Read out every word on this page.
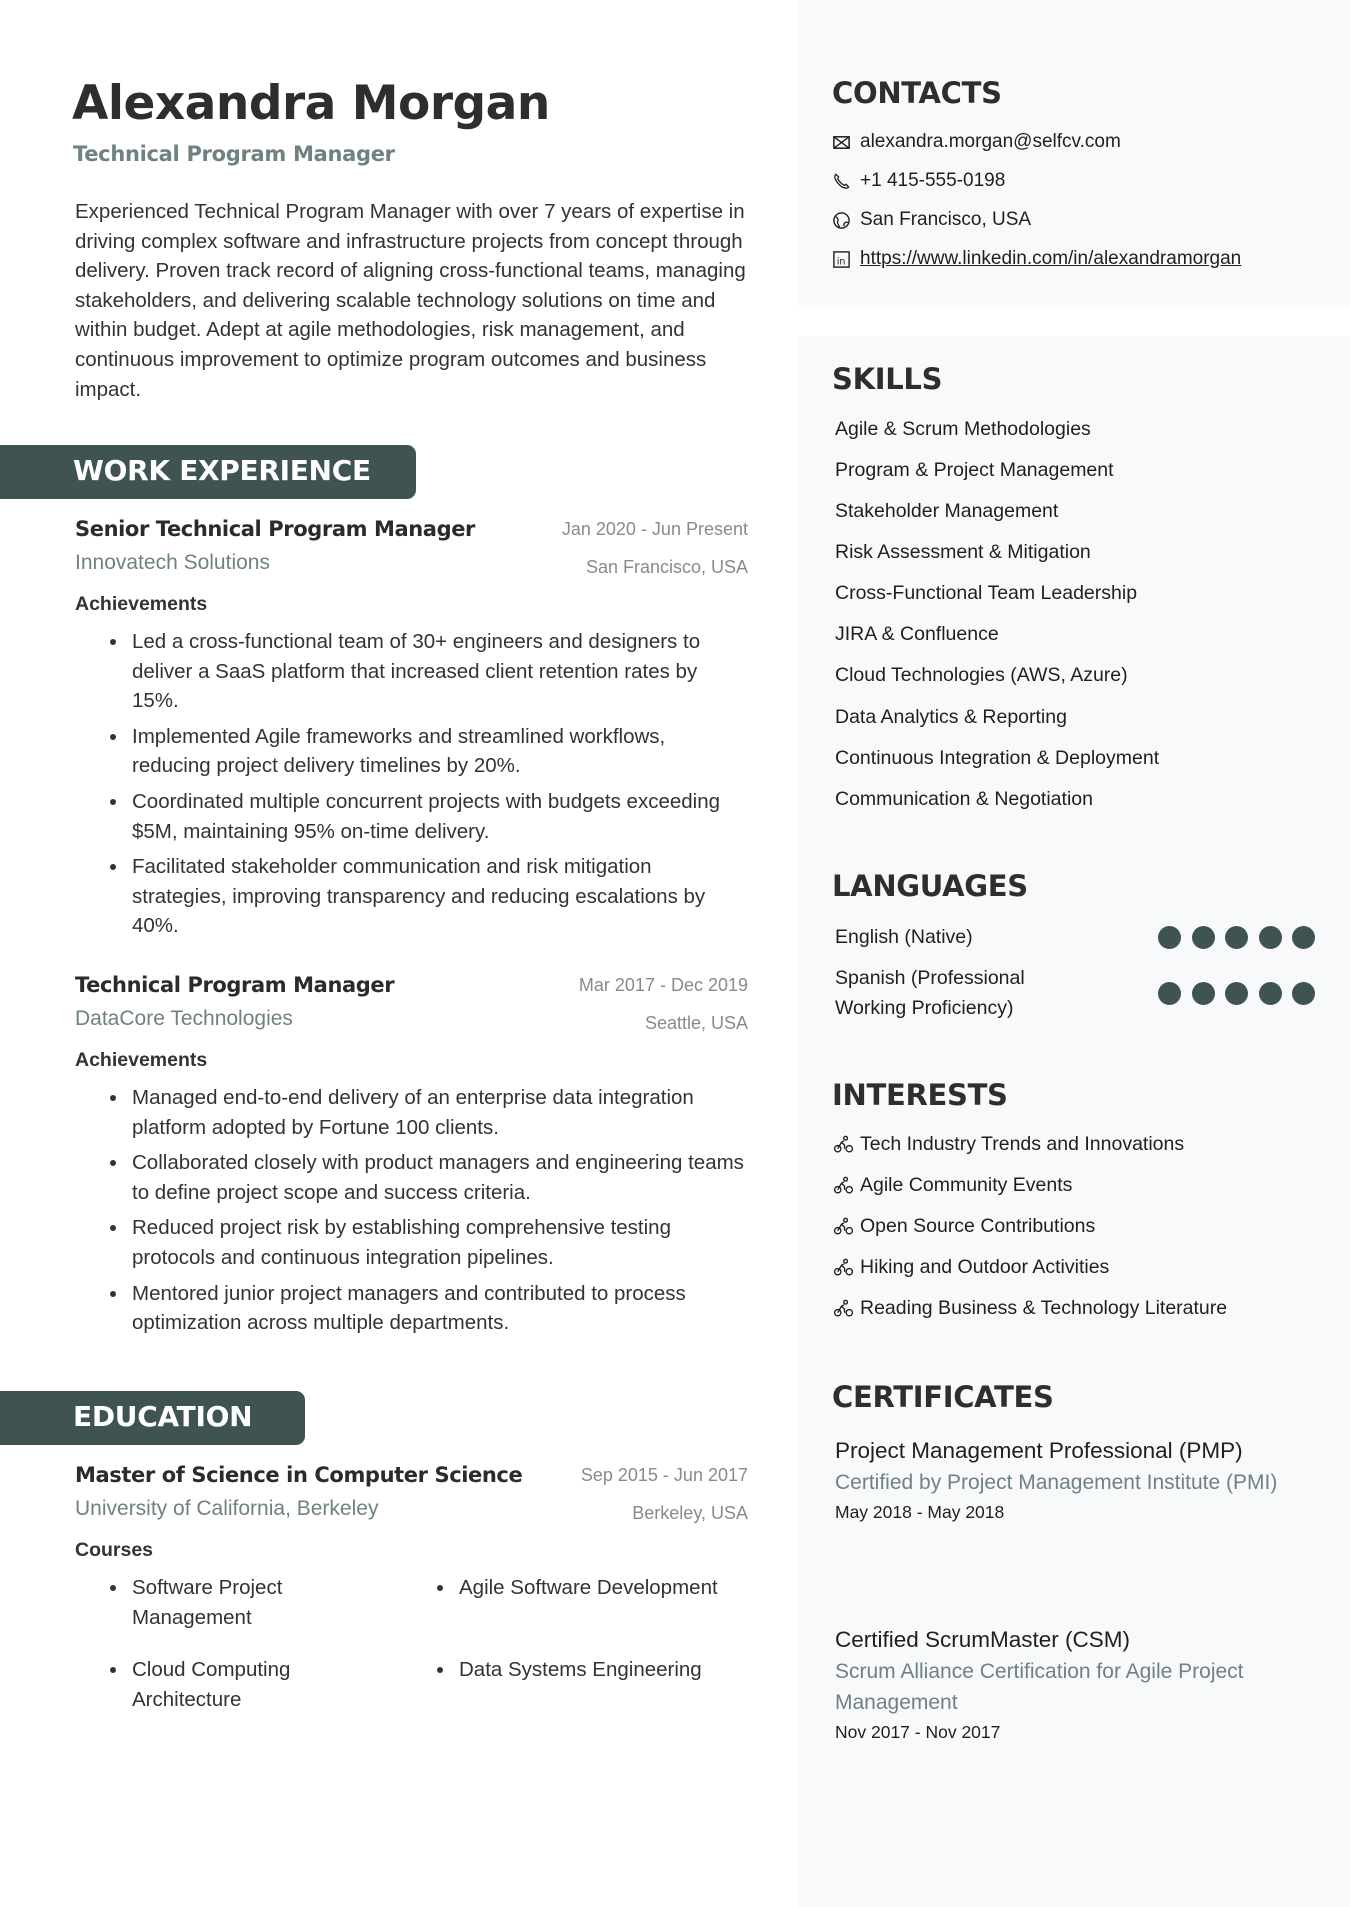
Alexandra Morgan
Technical Program Manager

Experienced Technical Program Manager with over 7 years of expertise in driving complex software and infrastructure projects from concept through delivery. Proven track record of aligning cross-functional teams, managing stakeholders, and delivering scalable technology solutions on time and within budget. Adept at agile methodologies, risk management, and continuous improvement to optimize program outcomes and business impact.

WORK EXPERIENCE
Senior Technical Program Manager	Jan 2020 - Jun Present
Innovatech Solutions	San Francisco, USA
Achievements
Led a cross-functional team of 30+ engineers and designers to deliver a SaaS platform that increased client retention rates by 15%.
Implemented Agile frameworks and streamlined workflows, reducing project delivery timelines by 20%.
Coordinated multiple concurrent projects with budgets exceeding $5M, maintaining 95% on-time delivery.
Facilitated stakeholder communication and risk mitigation strategies, improving transparency and reducing escalations by 40%.
Technical Program Manager	Mar 2017 - Dec 2019
DataCore Technologies	Seattle, USA
Achievements
Managed end-to-end delivery of an enterprise data integration platform adopted by Fortune 100 clients.
Collaborated closely with product managers and engineering teams to define project scope and success criteria.
Reduced project risk by establishing comprehensive testing protocols and continuous integration pipelines.
Mentored junior project managers and contributed to process optimization across multiple departments.
EDUCATION
Master of Science in Computer Science	Sep 2015 - Jun 2017
University of California, Berkeley	Berkeley, USA
Courses
Software Project Management
Agile Software Development
Cloud Computing Architecture
Data Systems Engineering
CONTACTS
alexandra.morgan@selfcv.com
+1 415-555-0198
San Francisco, USA
in https://www.linkedin.com/in/alexandramorgan
SKILLS
Agile & Scrum Methodologies
Program & Project Management
Stakeholder Management
Risk Assessment & Mitigation
Cross-Functional Team Leadership
JIRA & Confluence
Cloud Technologies (AWS, Azure)
Data Analytics & Reporting
Continuous Integration & Deployment
Communication & Negotiation
LANGUAGES
English (Native)
Spanish (Professional Working Proficiency)
INTERESTS
Tech Industry Trends and Innovations
Agile Community Events
Open Source Contributions
Hiking and Outdoor Activities
Reading Business & Technology Literature
CERTIFICATES
Project Management Professional (PMP)
Certified by Project Management Institute (PMI)
May 2018 - May 2018
Certified ScrumMaster (CSM)
Scrum Alliance Certification for Agile Project Management
Nov 2017 - Nov 2017
